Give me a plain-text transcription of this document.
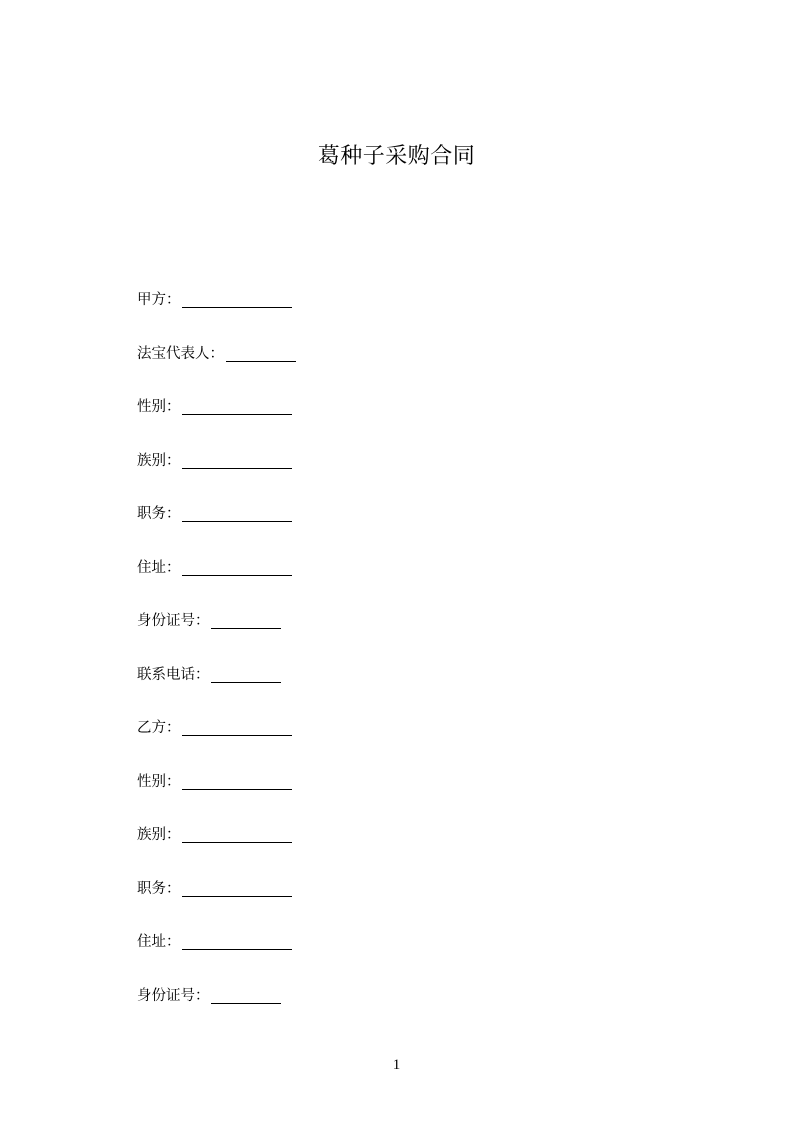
葛种子采购合同
甲方：
法宝代表人：
性别：
族别：
职务：
住址：
身份证号：
联系电话：
乙方：
性别：
族别：
职务：
住址：
身份证号：
1
